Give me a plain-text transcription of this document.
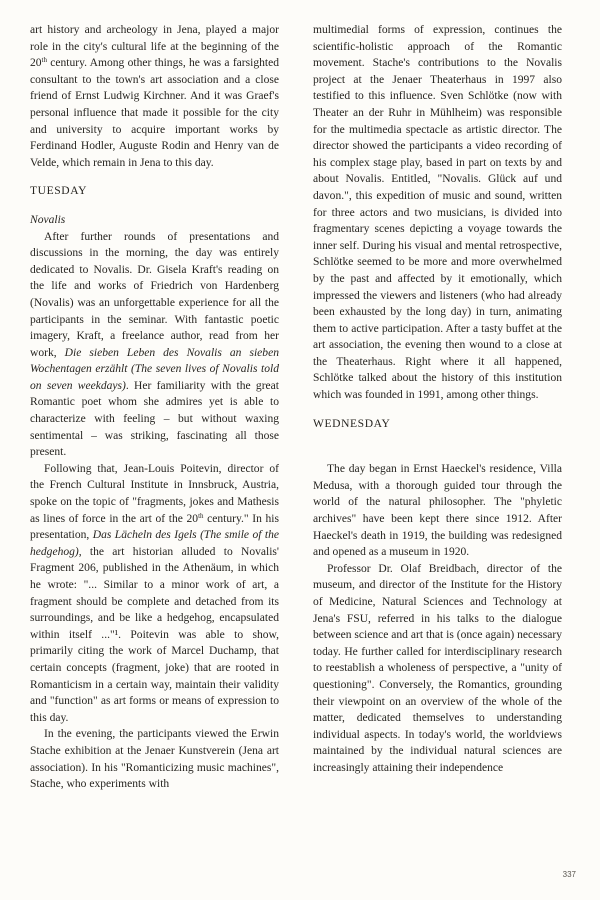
art history and archeology in Jena, played a major role in the city's cultural life at the beginning of the 20th century. Among other things, he was a farsighted consultant to the town's art association and a close friend of Ernst Ludwig Kirchner. And it was Graef's personal influence that made it possible for the city and university to acquire important works by Ferdinand Hodler, Auguste Rodin and Henry van de Velde, which remain in Jena to this day.

TUESDAY

Novalis

After further rounds of presentations and discussions in the morning, the day was entirely dedicated to Novalis. Dr. Gisela Kraft's reading on the life and works of Friedrich von Hardenberg (Novalis) was an unforgettable experience for all the participants in the seminar. With fantastic poetic imagery, Kraft, a freelance author, read from her work, Die sieben Leben des Novalis an sieben Wochentagen erzählt (The seven lives of Novalis told on seven weekdays). Her familiarity with the great Romantic poet whom she admires yet is able to characterize with feeling – but without waxing sentimental – was striking, fascinating all those present.

Following that, Jean-Louis Poitevin, director of the French Cultural Institute in Innsbruck, Austria, spoke on the topic of "fragments, jokes and Mathesis as lines of force in the art of the 20th century." In his presentation, Das Lächeln des Igels (The smile of the hedgehog), the art historian alluded to Novalis' Fragment 206, published in the Athenäum, in which he wrote: "... Similar to a minor work of art, a fragment should be complete and detached from its surroundings, and be like a hedgehog, encapsulated within itself ..."¹. Poitevin was able to show, primarily citing the work of Marcel Duchamp, that certain concepts (fragment, joke) that are rooted in Romanticism in a certain way, maintain their validity and "function" as art forms or means of expression to this day.

In the evening, the participants viewed the Erwin Stache exhibition at the Jenaer Kunstverein (Jena art association). In his "Romanticizing music machines", Stache, who experiments with

multimedial forms of expression, continues the scientific-holistic approach of the Romantic movement. Stache's contributions to the Novalis project at the Jenaer Theaterhaus in 1997 also testified to this influence. Sven Schlötke (now with Theater an der Ruhr in Mühlheim) was responsible for the multimedia spectacle as artistic director. The director showed the participants a video recording of his complex stage play, based in part on texts by and about Novalis. Entitled, "Novalis. Glück auf und davon.", this expedition of music and sound, written for three actors and two musicians, is divided into fragmentary scenes depicting a voyage towards the inner self. During his visual and mental retrospective, Schlötke seemed to be more and more overwhelmed by the past and affected by it emotionally, which impressed the viewers and listeners (who had already been exhausted by the long day) in turn, animating them to active participation. After a tasty buffet at the art association, the evening then wound to a close at the Theaterhaus. Right where it all happened, Schlötke talked about the history of this institution which was founded in 1991, among other things.

WEDNESDAY

The day began in Ernst Haeckel's residence, Villa Medusa, with a thorough guided tour through the world of the natural philosopher. The "phyletic archives" have been kept there since 1912. After Haeckel's death in 1919, the building was redesigned and opened as a museum in 1920.

Professor Dr. Olaf Breidbach, director of the museum, and director of the Institute for the History of Medicine, Natural Sciences and Technology at Jena's FSU, referred in his talks to the dialogue between science and art that is (once again) necessary today. He further called for interdisciplinary research to reestablish a wholeness of perspective, a "unity of questioning". Conversely, the Romantics, grounding their viewpoint on an overview of the whole of the matter, dedicated themselves to understanding individual aspects. In today's world, the worldviews maintained by the individual natural sciences are increasingly attaining their independence

337
